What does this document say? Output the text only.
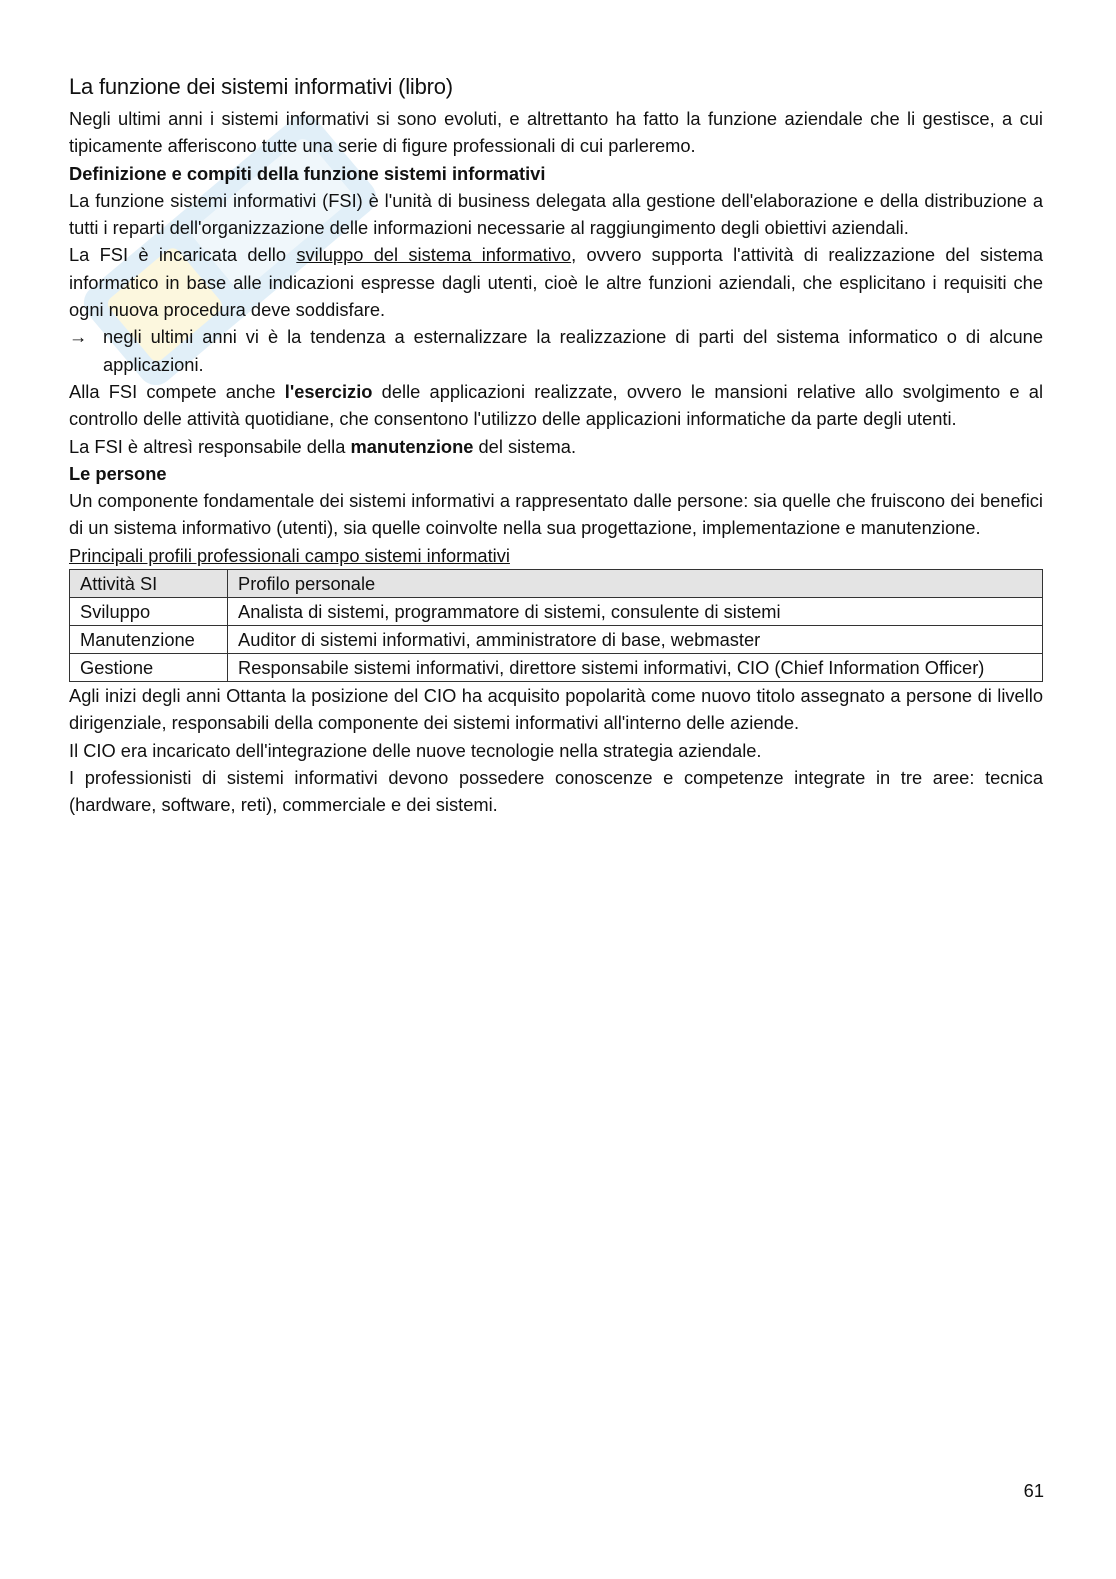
La funzione dei sistemi informativi (libro)

Negli ultimi anni i sistemi informativi si sono evoluti, e altrettanto ha fatto la funzione aziendale che li gestisce, a cui tipicamente afferiscono tutte una serie di figure professionali di cui parleremo.

Definizione e compiti della funzione sistemi informativi

La funzione sistemi informativi (FSI) è l'unità di business delegata alla gestione dell'elaborazione e della distribuzione a tutti i reparti dell'organizzazione delle informazioni necessarie al raggiungimento degli obiettivi aziendali.

La FSI è incaricata dello sviluppo del sistema informativo, ovvero supporta l'attività di realizzazione del sistema informatico in base alle indicazioni espresse dagli utenti, cioè le altre funzioni aziendali, che esplicitano i requisiti che ogni nuova procedura deve soddisfare.

→ negli ultimi anni vi è la tendenza a esternalizzare la realizzazione di parti del sistema informatico o di alcune applicazioni.

Alla FSI compete anche l'esercizio delle applicazioni realizzate, ovvero le mansioni relative allo svolgimento e al controllo delle attività quotidiane, che consentono l'utilizzo delle applicazioni informatiche da parte degli utenti.

La FSI è altresì responsabile della manutenzione del sistema.

Le persone

Un componente fondamentale dei sistemi informativi a rappresentato dalle persone: sia quelle che fruiscono dei benefici di un sistema informativo (utenti), sia quelle coinvolte nella sua progettazione, implementazione e manutenzione.

Principali profili professionali campo sistemi informativi
Attività SI	Profilo personale
Sviluppo	Analista di sistemi, programmatore di sistemi, consulente di sistemi
Manutenzione	Auditor di sistemi informativi, amministratore di base, webmaster
Gestione	Responsabile sistemi informativi, direttore sistemi informativi, CIO (Chief Information Officer)

Agli inizi degli anni Ottanta la posizione del CIO ha acquisito popolarità come nuovo titolo assegnato a persone di livello dirigenziale, responsabili della componente dei sistemi informativi all'interno delle aziende.

Il CIO era incaricato dell'integrazione delle nuove tecnologie nella strategia aziendale.

I professionisti di sistemi informativi devono possedere conoscenze e competenze integrate in tre aree: tecnica (hardware, software, reti), commerciale e dei sistemi.

61
